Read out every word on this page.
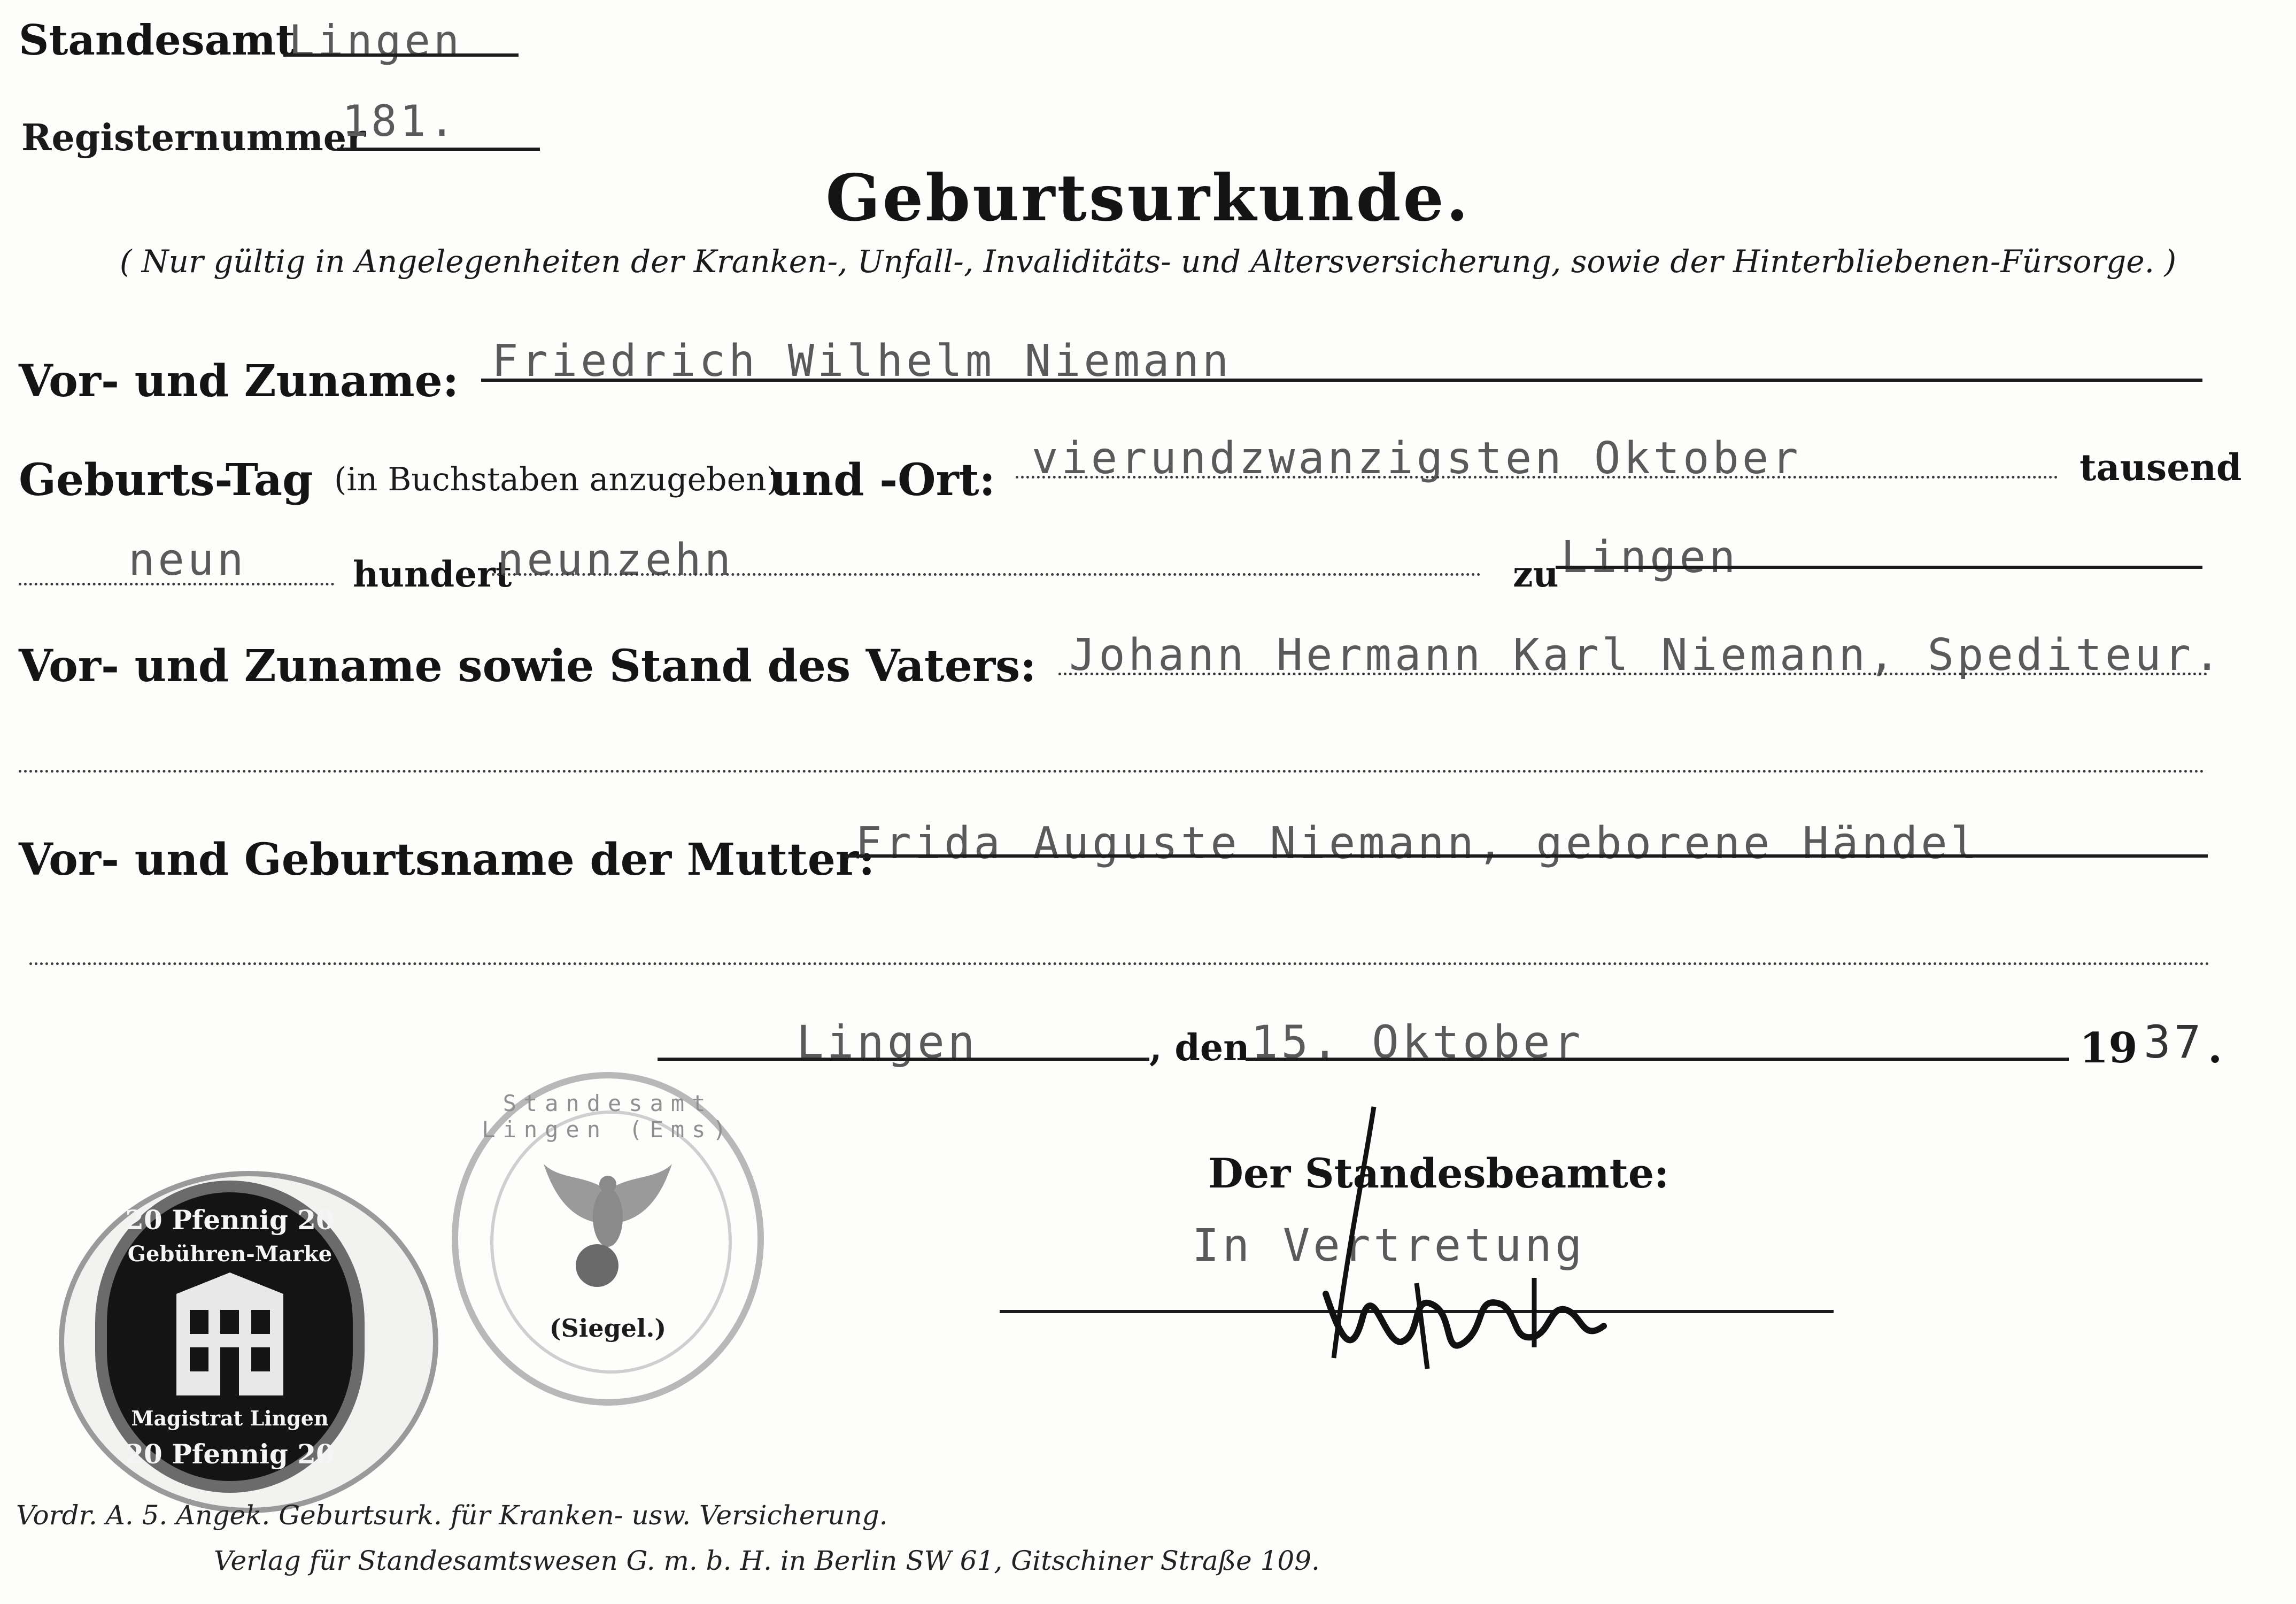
Standesamt
Lingen
Registernummer
181.
Geburtsurkunde.
( Nur gültig in Angelegenheiten der Kranken-, Unfall-, Invaliditäts- und Altersversicherung, sowie der Hinterbliebenen-Fürsorge. )
Vor- und Zuname: Friedrich Wilhelm Niemann
Geburts-Tag (in Buchstaben anzugeben)
und -Ort: vierundzwanzigsten Oktober	tausend
neun	hundert
neunzehn	zu Lingen
Vor- und Zuname sowie Stand des Vaters: Johann Hermann Karl Niemann, Spediteur.
Vor- und Geburtsname der Mutter:
Frida Auguste Niemann, geborene Händel
Lingen	, den 15. Oktober	19 37 .
Der Standesbeamte:
In Vertretung
20 Pfennig 20
Gebühren-Marke
Magistrat Lingen
20 Pfennig 20
Standesamt Lingen (Ems)
(Siegel.)
Vordr. A. 5. Angek. Geburtsurk. für Kranken- usw. Versicherung.
Verlag für Standesamtswesen G. m. b. H. in Berlin SW 61, Gitschiner Straße 109.
